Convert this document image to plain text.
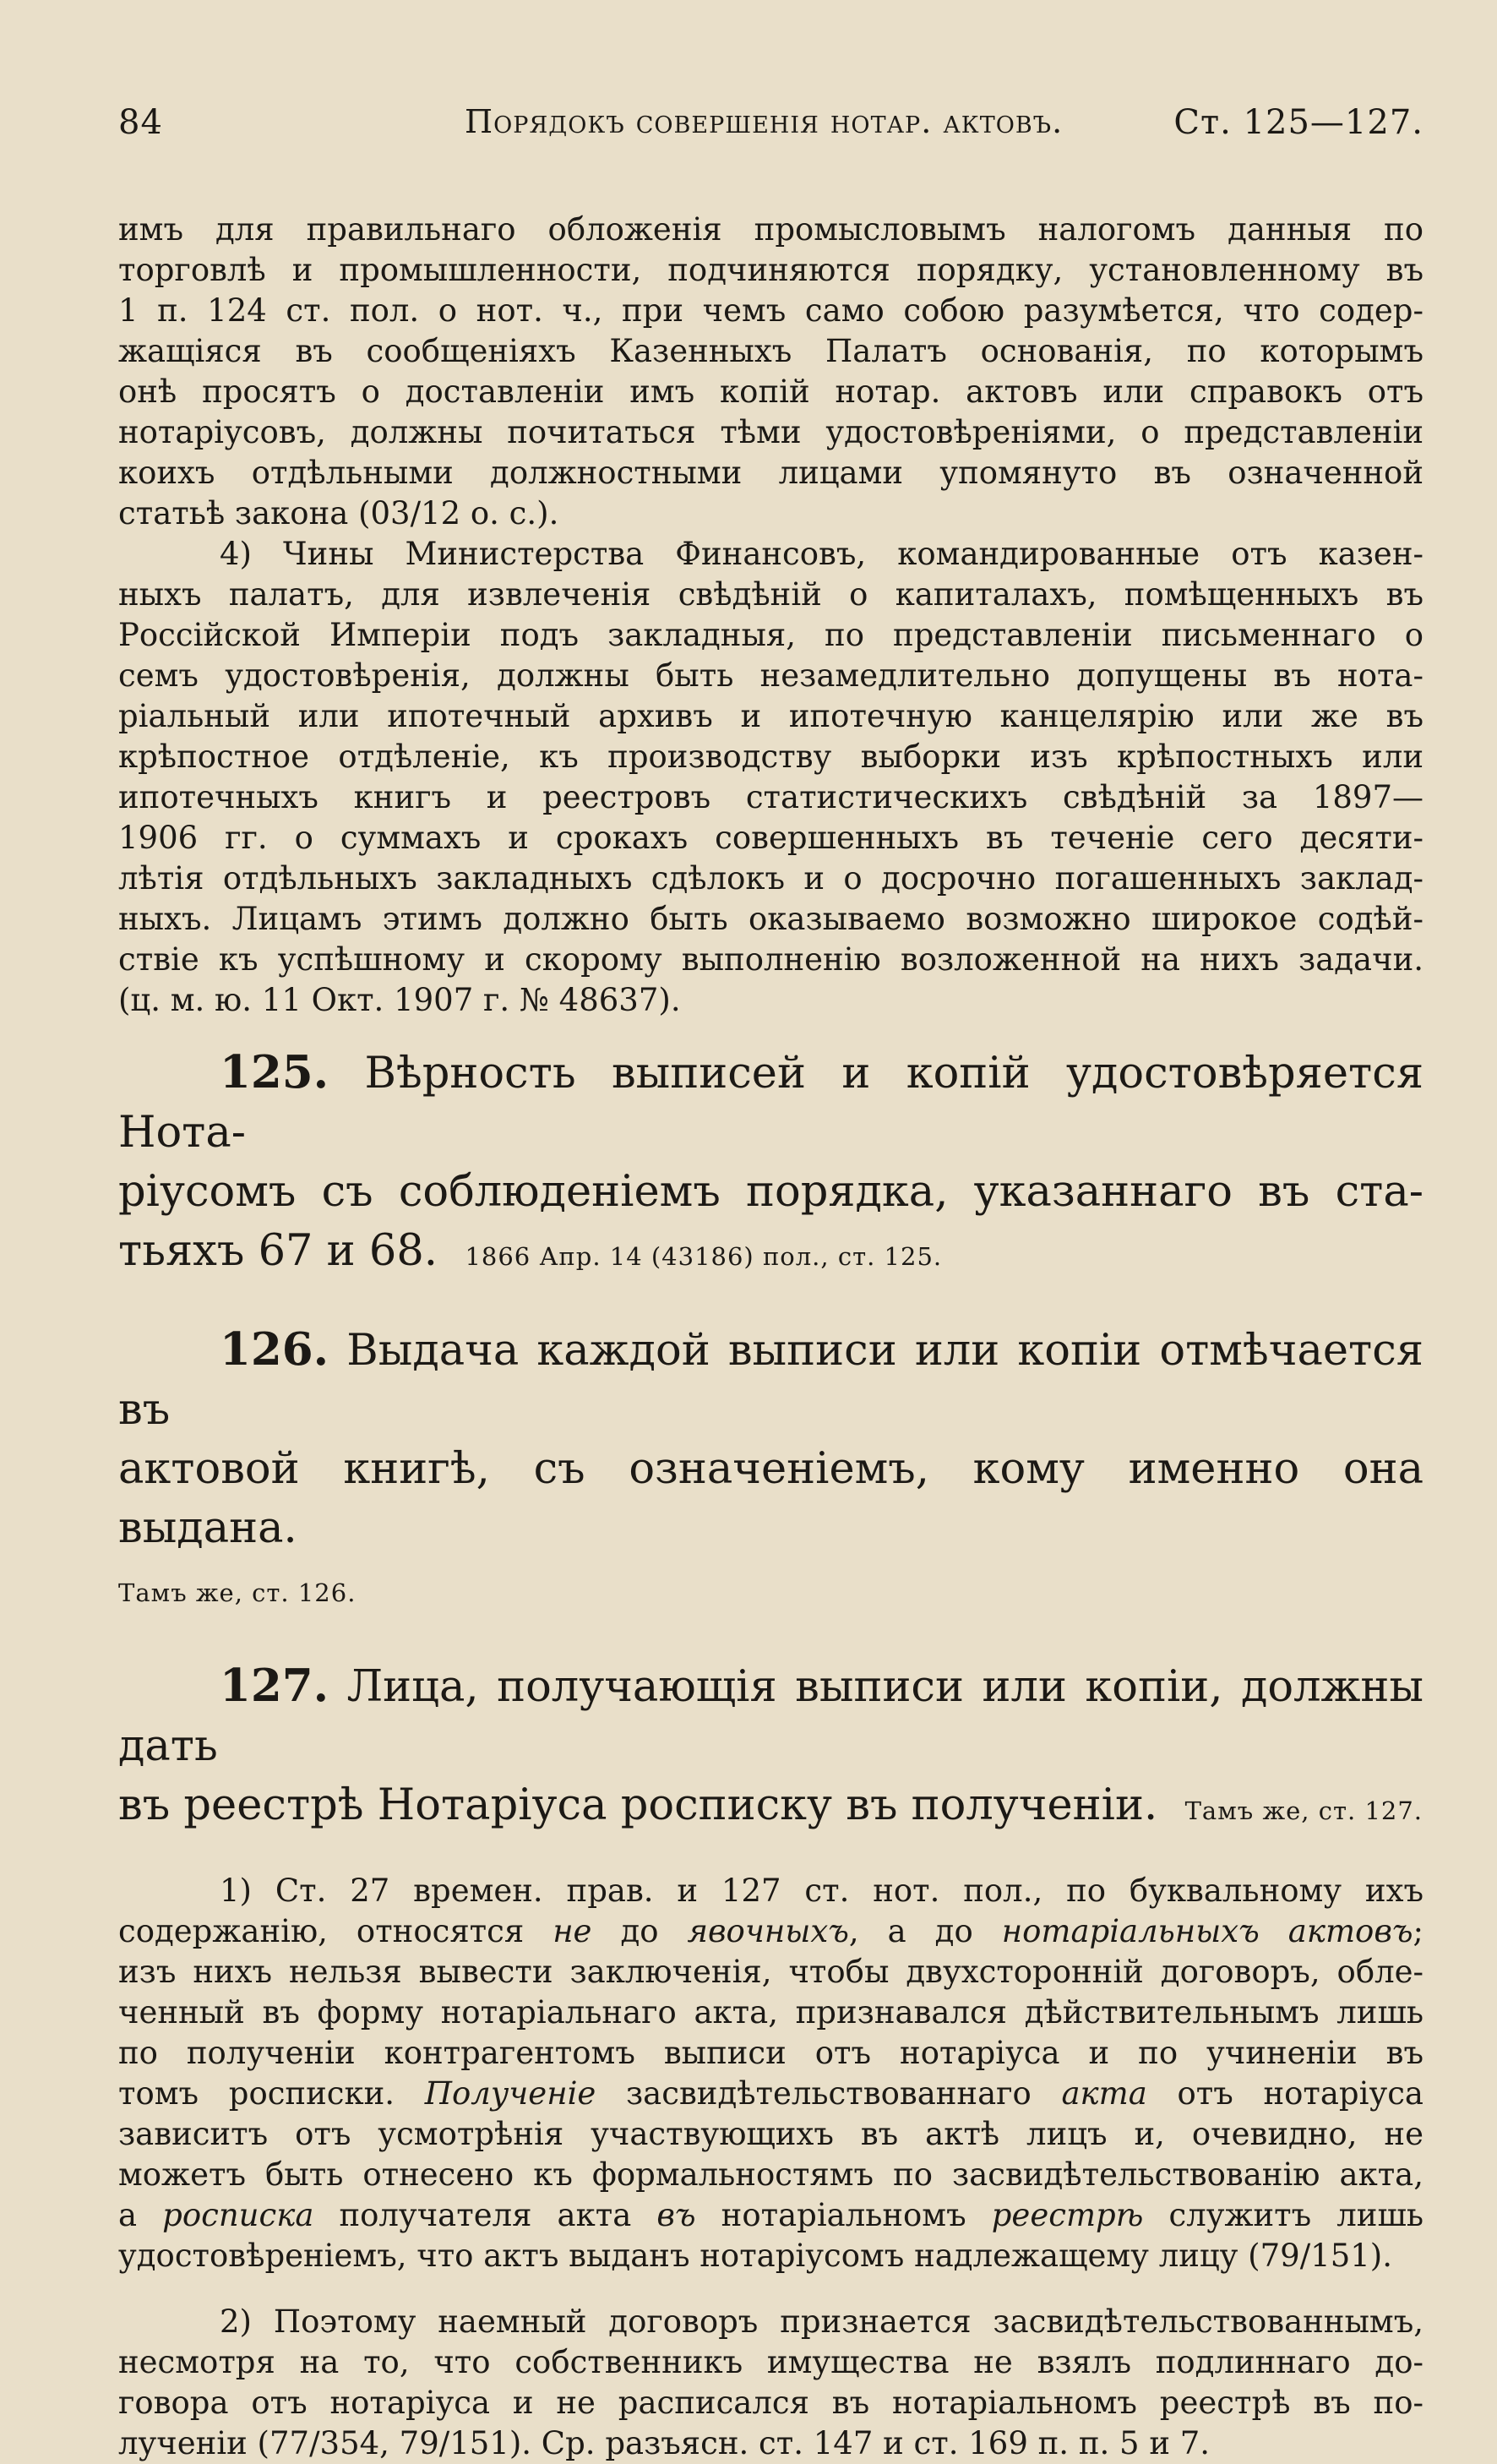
84	Порядокъ совершенія нотар. актовъ.	Ст. 125—127.

имъ для правильнаго обложенія промысловымъ налогомъ данныя по

торговлѣ и промышленности, подчиняются порядку, установленному въ

1 п. 124 ст. пол. о нот. ч., при чемъ само собою разумѣется, что содер-

жащіяся въ сообщеніяхъ Казенныхъ Палатъ основанія, по которымъ

онѣ просятъ о доставленіи имъ копій нотар. актовъ или справокъ отъ

нотаріусовъ, должны почитаться тѣми удостовѣреніями, о представленіи

коихъ отдѣльными должностными лицами упомянуто въ означенной

статьѣ закона (03/12 о. с.).

4) Чины Министерства Финансовъ, командированные отъ казен-

ныхъ палатъ, для извлеченія свѣдѣній о капиталахъ, помѣщенныхъ въ

Россійской Имперіи подъ закладныя, по представленіи письменнаго о

семъ удостовѣренія, должны быть незамедлительно допущены въ нота-

ріальный или ипотечный архивъ и ипотечную канцелярію или же въ

крѣпостное отдѣленіе, къ производству выборки изъ крѣпостныхъ или

ипотечныхъ книгъ и реестровъ статистическихъ свѣдѣній за 1897—

1906 гг. о суммахъ и срокахъ совершенныхъ въ теченіе сего десяти-

лѣтія отдѣльныхъ закладныхъ сдѣлокъ и о досрочно погашенныхъ заклад-

ныхъ. Лицамъ этимъ должно быть оказываемо возможно широкое содѣй-

ствіе къ успѣшному и скорому выполненію возложенной на нихъ задачи.

(ц. м. ю. 11 Окт. 1907 г. № 48637).

125. Вѣрность выписей и копій удостовѣряется Нота-

ріусомъ съ соблюденіемъ порядка, указаннаго въ ста-

тьяхъ 67 и 68. 1866 Апр. 14 (43186) пол., ст. 125.

126. Выдача каждой выписи или копіи отмѣчается въ

актовой книгѣ, съ означеніемъ, кому именно она выдана.

Тамъ же, ст. 126.

127. Лица, получающія выписи или копіи, должны дать

въ реестрѣ Нотаріуса росписку въ полученіи. Тамъ же, ст. 127.

1) Ст. 27 времен. прав. и 127 ст. нот. пол., по буквальному ихъ

содержанію, относятся не до явочныхъ, а до нотаріальныхъ актовъ;

изъ нихъ нельзя вывести заключенія, чтобы двухсторонній договоръ, обле-

ченный въ форму нотаріальнаго акта, признавался дѣйствительнымъ лишь

по полученіи контрагентомъ выписи отъ нотаріуса и по учиненіи въ

томъ росписки. Полученіе засвидѣтельствованнаго акта отъ нотаріуса

зависитъ отъ усмотрѣнія участвующихъ въ актѣ лицъ и, очевидно, не

можетъ быть отнесено къ формальностямъ по засвидѣтельствованію акта,

а росписка получателя акта въ нотаріальномъ реестрѣ служитъ лишь

удостовѣреніемъ, что актъ выданъ нотаріусомъ надлежащему лицу (79/151).

2) Поэтому наемный договоръ признается засвидѣтельствованнымъ,

несмотря на то, что собственникъ имущества не взялъ подлиннаго до-

говора отъ нотаріуса и не расписался въ нотаріальномъ реестрѣ въ по-

лученіи (77/354, 79/151). Ср. разъясн. ст. 147 и ст. 169 п. п. 5 и 7.
